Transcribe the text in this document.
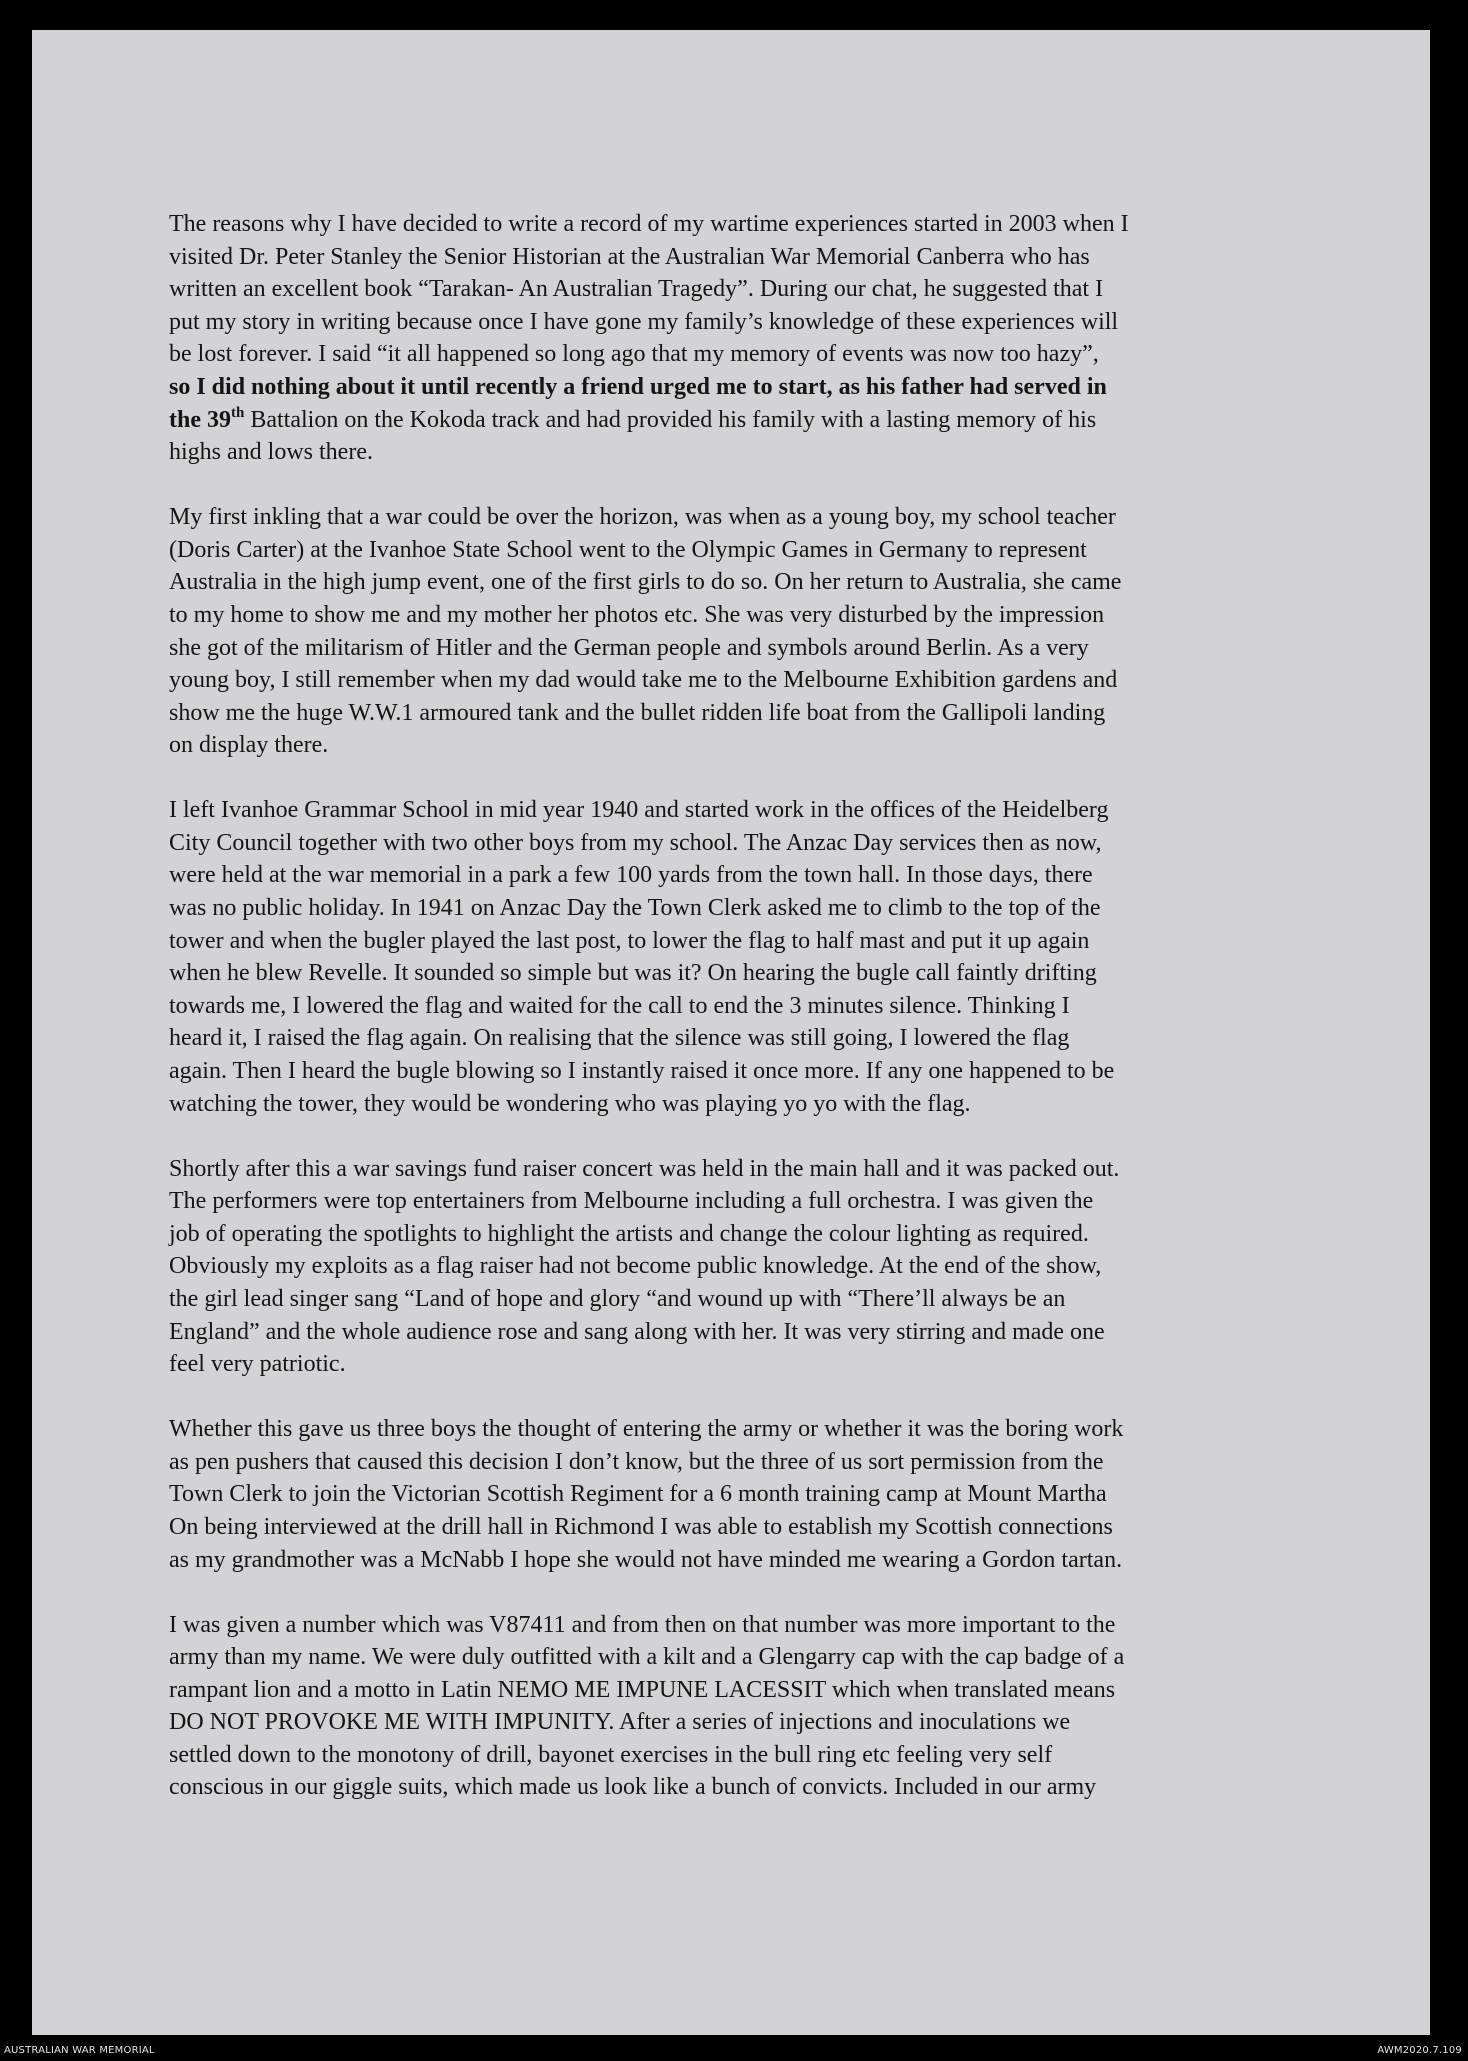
The reasons why I have decided to write a record of my wartime experiences started in 2003 when I
visited Dr. Peter Stanley the Senior Historian at the Australian War Memorial Canberra who has
written an excellent book “Tarakan- An Australian Tragedy”. During our chat, he suggested that I
put my story in writing because once I have gone my family’s knowledge of these experiences will
be lost forever. I said “it all happened so long ago that my memory of events was now too hazy”,
so I did nothing about it until recently a friend urged me to start, as his father had served in
the 39th Battalion on the Kokoda track and had provided his family with a lasting memory of his
highs and lows there.

My first inkling that a war could be over the horizon, was when as a young boy, my school teacher
(Doris Carter) at the Ivanhoe State School went to the Olympic Games in Germany to represent
Australia in the high jump event, one of the first girls to do so. On her return to Australia, she came
to my home to show me and my mother her photos etc. She was very disturbed by the impression
she got of the militarism of Hitler and the German people and symbols around Berlin. As a very
young boy, I still remember when my dad would take me to the Melbourne Exhibition gardens and
show me the huge W.W.1 armoured tank and the bullet ridden life boat from the Gallipoli landing
on display there.

I left Ivanhoe Grammar School in mid year 1940 and started work in the offices of the Heidelberg
City Council together with two other boys from my school. The Anzac Day services then as now,
were held at the war memorial in a park a few 100 yards from the town hall. In those days, there
was no public holiday. In 1941 on Anzac Day the Town Clerk asked me to climb to the top of the
tower and when the bugler played the last post, to lower the flag to half mast and put it up again
when he blew Revelle. It sounded so simple but was it? On hearing the bugle call faintly drifting
towards me, I lowered the flag and waited for the call to end the 3 minutes silence. Thinking I
heard it, I raised the flag again. On realising that the silence was still going, I lowered the flag
again. Then I heard the bugle blowing so I instantly raised it once more. If any one happened to be
watching the tower, they would be wondering who was playing yo yo with the flag.

Shortly after this a war savings fund raiser concert was held in the main hall and it was packed out.
The performers were top entertainers from Melbourne including a full orchestra. I was given the
job of operating the spotlights to highlight the artists and change the colour lighting as required.
Obviously my exploits as a flag raiser had not become public knowledge. At the end of the show,
the girl lead singer sang “Land of hope and glory “and wound up with “There’ll always be an
England” and the whole audience rose and sang along with her. It was very stirring and made one
feel very patriotic.

Whether this gave us three boys the thought of entering the army or whether it was the boring work
as pen pushers that caused this decision I don’t know, but the three of us sort permission from the
Town Clerk to join the Victorian Scottish Regiment for a 6 month training camp at Mount Martha
On being interviewed at the drill hall in Richmond I was able to establish my Scottish connections
as my grandmother was a McNabb I hope she would not have minded me wearing a Gordon tartan.

I was given a number which was V87411 and from then on that number was more important to the
army than my name. We were duly outfitted with a kilt and a Glengarry cap with the cap badge of a
rampant lion and a motto in Latin NEMO ME IMPUNE LACESSIT which when translated means
DO NOT PROVOKE ME WITH IMPUNITY. After a series of injections and inoculations we
settled down to the monotony of drill, bayonet exercises in the bull ring etc feeling very self
conscious in our giggle suits, which made us look like a bunch of convicts. Included in our army

AUSTRALIAN WAR MEMORIAL	AWM2020.7.109
